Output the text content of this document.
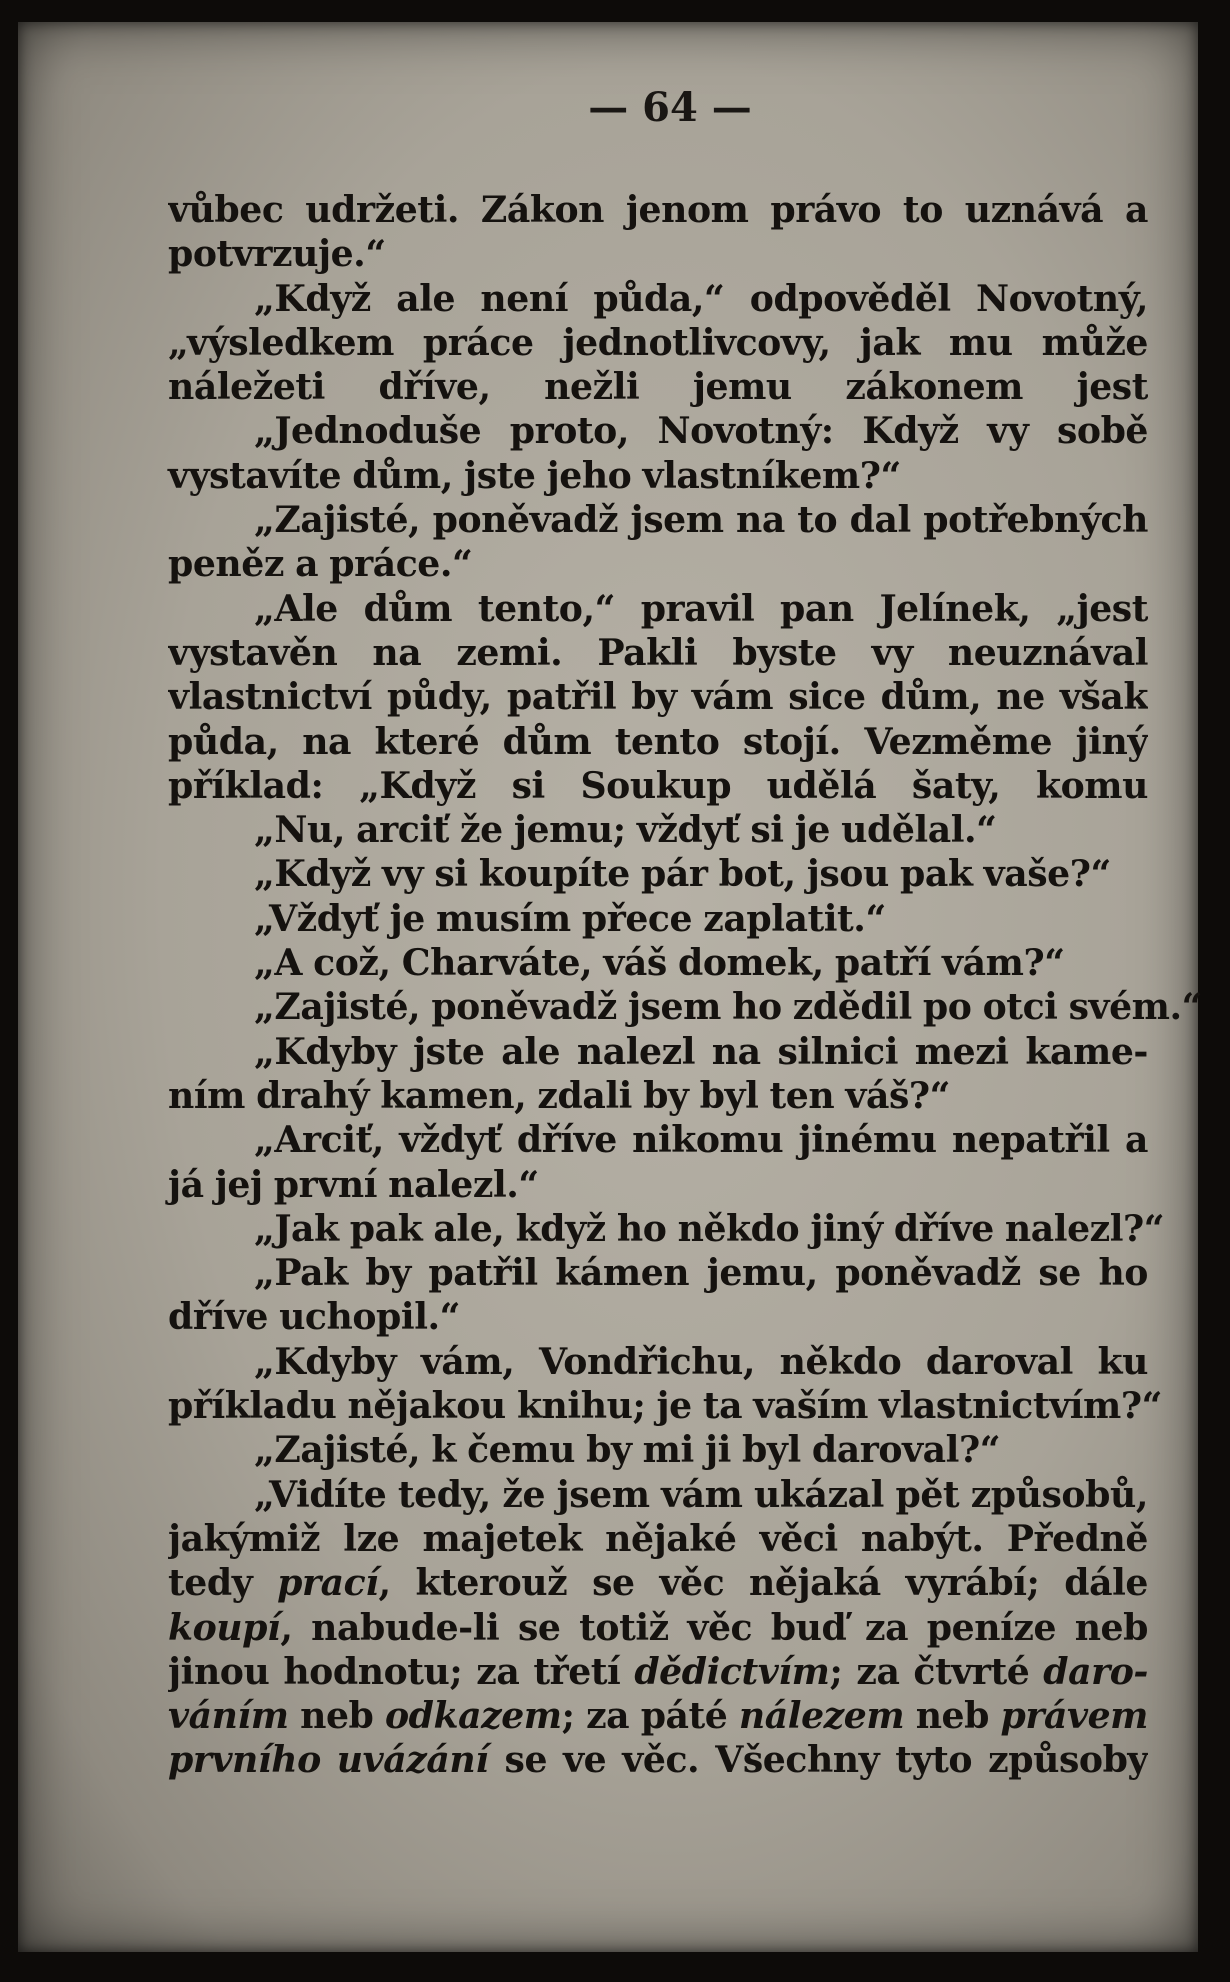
— 64 —
vůbec udržeti. Zákon jenom právo to uznává a
potvrzuje.“
„Když ale není půda,“ odpověděl Novotný,
„výsledkem práce jednotlivcovy, jak mu může
náležeti dříve, nežli jemu zákonem jest
„Jednoduše proto, Novotný: Když vy sobě
vystavíte dům, jste jeho vlastníkem?“
„Zajisté, poněvadž jsem na to dal potřebných
peněz a práce.“
„Ale dům tento,“ pravil pan Jelínek, „jest
vystavěn na zemi. Pakli byste vy neuznával
vlastnictví půdy, patřil by vám sice dům, ne však
půda, na které dům tento stojí. Vezměme jiný
příklad: „Když si Soukup udělá šaty, komu
„Nu, arciť že jemu; vždyť si je udělal.“
„Když vy si koupíte pár bot, jsou pak vaše?“
„Vždyť je musím přece zaplatit.“
„A což, Charváte, váš domek, patří vám?“
„Zajisté, poněvadž jsem ho zdědil po otci svém.“
„Kdyby jste ale nalezl na silnici mezi kame-
ním drahý kamen, zdali by byl ten váš?“
„Arciť, vždyť dříve nikomu jinému nepatřil a
já jej první nalezl.“
„Jak pak ale, když ho někdo jiný dříve nalezl?“
„Pak by patřil kámen jemu, poněvadž se ho
dříve uchopil.“
„Kdyby vám, Vondřichu, někdo daroval ku
příkladu nějakou knihu; je ta vaším vlastnictvím?“
„Zajisté, k čemu by mi ji byl daroval?“
„Vidíte tedy, že jsem vám ukázal pět způsobů,
jakýmiž lze majetek nějaké věci nabýt. Předně
tedy prací, kterouž se věc nějaká vyrábí; dále
koupí, nabude-li se totiž věc buď za peníze neb
jinou hodnotu; za třetí dědictvím; za čtvrté daro-
váním neb odkazem; za páté nálezem neb právem
prvního uvázání se ve věc. Všechny tyto způsoby
